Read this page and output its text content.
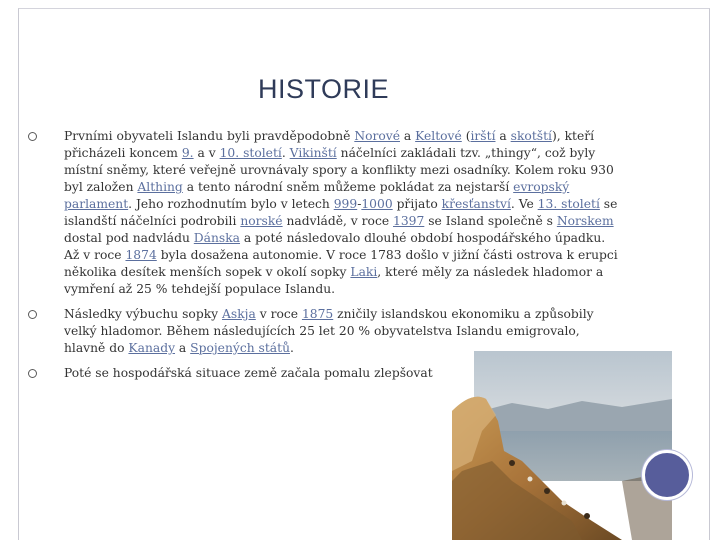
HISTORIE
Prvními obyvateli Islandu byli pravděpodobně Norové a Keltové (irští a skotští), kteří přicházeli koncem 9. a v 10. století. Vikinští náčelníci zakládali tzv. „thingy“, což byly místní sněmy, které veřejně urovnávaly spory a konflikty mezi osadníky. Kolem roku 930 byl založen Althing a tento národní sněm můžeme pokládat za nejstarší evropský parlament. Jeho rozhodnutím bylo v letech 999-1000 přijato křesťanství. Ve 13. století se islandští náčelníci podrobili norské nadvládě, v roce 1397 se Island společně s Norskem dostal pod nadvládu Dánska a poté následovalo dlouhé období hospodářského úpadku. Až v roce 1874 byla dosažena autonomie. V roce 1783 došlo v jižní části ostrova k erupci několika desítek menších sopek v okolí sopky Laki, které měly za následek hladomor a vymření až 25 % tehdejší populace Islandu.
Následky výbuchu sopky Askja v roce 1875 zničily islandskou ekonomiku a způsobily velký hladomor. Během následujících 25 let 20 % obyvatelstva Islandu emigrovalo, hlavně do Kanady a Spojených států.
Poté se hospodářská situace země začala pomalu zlepšovat
